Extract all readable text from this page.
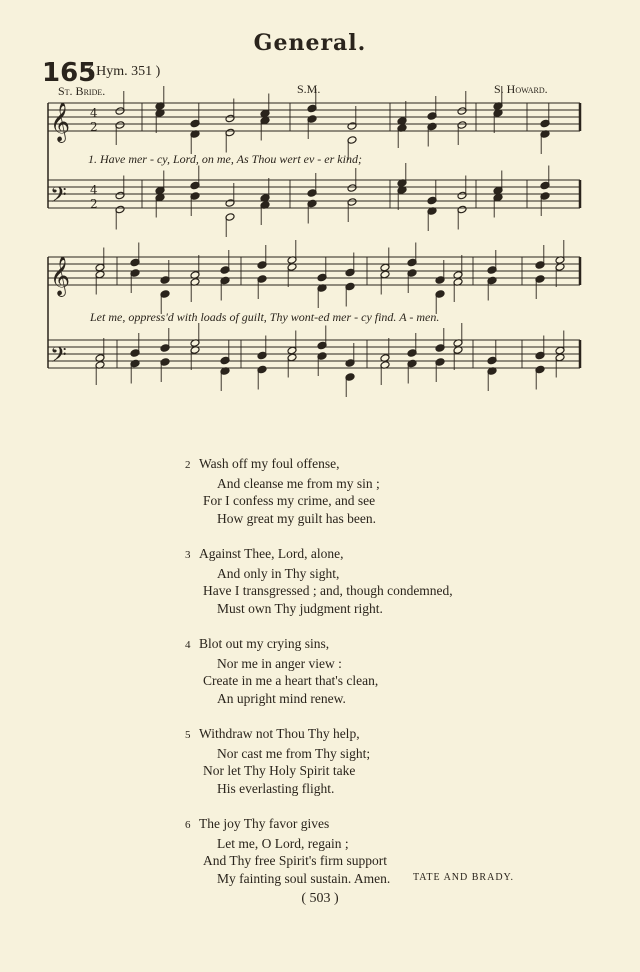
General.
165
( Hym. 351 )
St. Bride.	S.M.	S. Howard.
𝄞
𝄢
𝄞
𝄢
4
2
4
2
1. Have mer - cy, Lord, on me, As Thou wert ev - er kind;
Let me, oppress'd with loads of guilt, Thy wont-ed mer - cy find. A - men.
2 Wash off my foul offense,
And cleanse me from my sin ;
For I confess my crime, and see
How great my guilt has been.
3 Against Thee, Lord, alone,
And only in Thy sight,
Have I transgressed ; and, though condemned,
Must own Thy judgment right.
4 Blot out my crying sins,
Nor me in anger view :
Create in me a heart that's clean,
An upright mind renew.
5 Withdraw not Thou Thy help,
Nor cast me from Thy sight;
Nor let Thy Holy Spirit take
His everlasting flight.
6 The joy Thy favor gives
Let me, O Lord, regain ;
And Thy free Spirit's firm support
My fainting soul sustain. Amen.	TATE AND BRADY.
( 503 )
